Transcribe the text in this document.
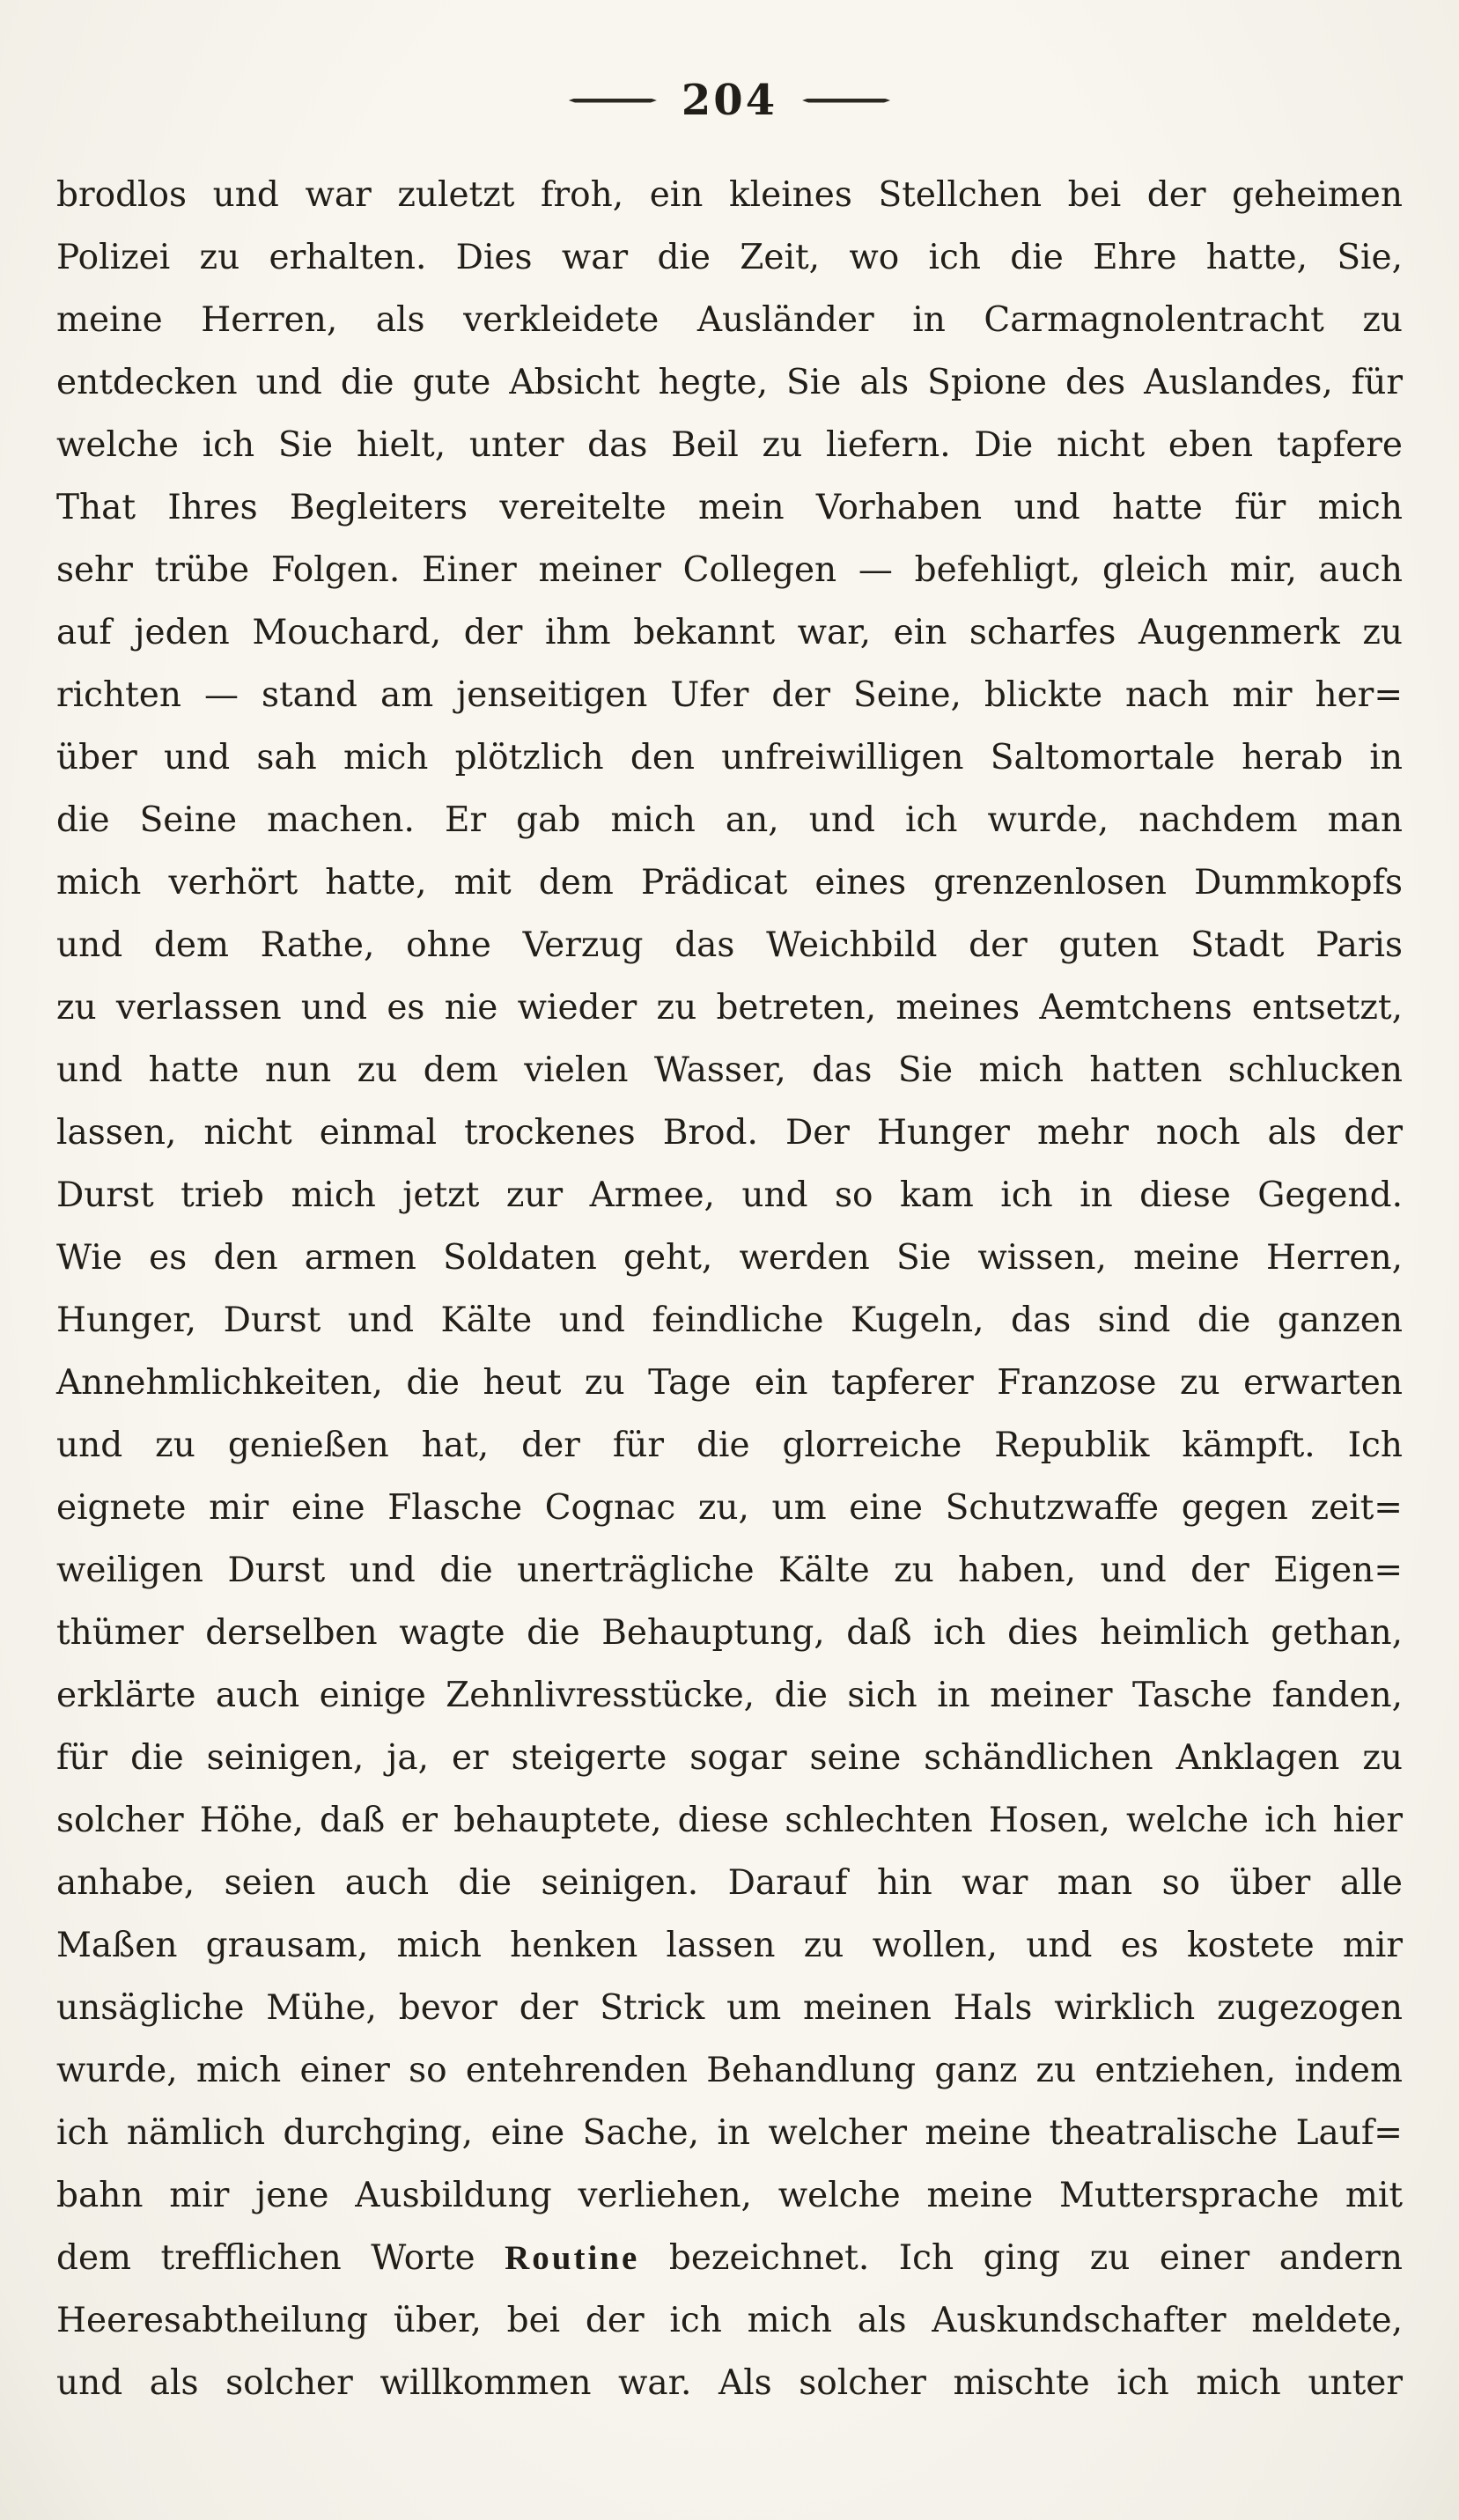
204
brodlos und war zuletzt froh, ein kleines Stellchen bei der geheimen
Polizei zu erhalten. Dies war die Zeit, wo ich die Ehre hatte, Sie,
meine Herren, als verkleidete Ausländer in Carmagnolentracht zu
entdecken und die gute Absicht hegte, Sie als Spione des Auslandes, für
welche ich Sie hielt, unter das Beil zu liefern. Die nicht eben tapfere
That Ihres Begleiters vereitelte mein Vorhaben und hatte für mich
sehr trübe Folgen. Einer meiner Collegen — befehligt, gleich mir, auch
auf jeden Mouchard, der ihm bekannt war, ein scharfes Augenmerk zu
richten — stand am jenseitigen Ufer der Seine, blickte nach mir her=
über und sah mich plötzlich den unfreiwilligen Saltomortale herab in
die Seine machen. Er gab mich an, und ich wurde, nachdem man
mich verhört hatte, mit dem Prädicat eines grenzenlosen Dummkopfs
und dem Rathe, ohne Verzug das Weichbild der guten Stadt Paris
zu verlassen und es nie wieder zu betreten, meines Aemtchens entsetzt,
und hatte nun zu dem vielen Wasser, das Sie mich hatten schlucken
lassen, nicht einmal trockenes Brod. Der Hunger mehr noch als der
Durst trieb mich jetzt zur Armee, und so kam ich in diese Gegend.
Wie es den armen Soldaten geht, werden Sie wissen, meine Herren,
Hunger, Durst und Kälte und feindliche Kugeln, das sind die ganzen
Annehmlichkeiten, die heut zu Tage ein tapferer Franzose zu erwarten
und zu genießen hat, der für die glorreiche Republik kämpft. Ich
eignete mir eine Flasche Cognac zu, um eine Schutzwaffe gegen zeit=
weiligen Durst und die unerträgliche Kälte zu haben, und der Eigen=
thümer derselben wagte die Behauptung, daß ich dies heimlich gethan,
erklärte auch einige Zehnlivresstücke, die sich in meiner Tasche fanden,
für die seinigen, ja, er steigerte sogar seine schändlichen Anklagen zu
solcher Höhe, daß er behauptete, diese schlechten Hosen, welche ich hier
anhabe, seien auch die seinigen. Darauf hin war man so über alle
Maßen grausam, mich henken lassen zu wollen, und es kostete mir
unsägliche Mühe, bevor der Strick um meinen Hals wirklich zugezogen
wurde, mich einer so entehrenden Behandlung ganz zu entziehen, indem
ich nämlich durchging, eine Sache, in welcher meine theatralische Lauf=
bahn mir jene Ausbildung verliehen, welche meine Muttersprache mit
dem trefflichen Worte Routine bezeichnet. Ich ging zu einer andern
Heeresabtheilung über, bei der ich mich als Auskundschafter meldete,
und als solcher willkommen war. Als solcher mischte ich mich unter
